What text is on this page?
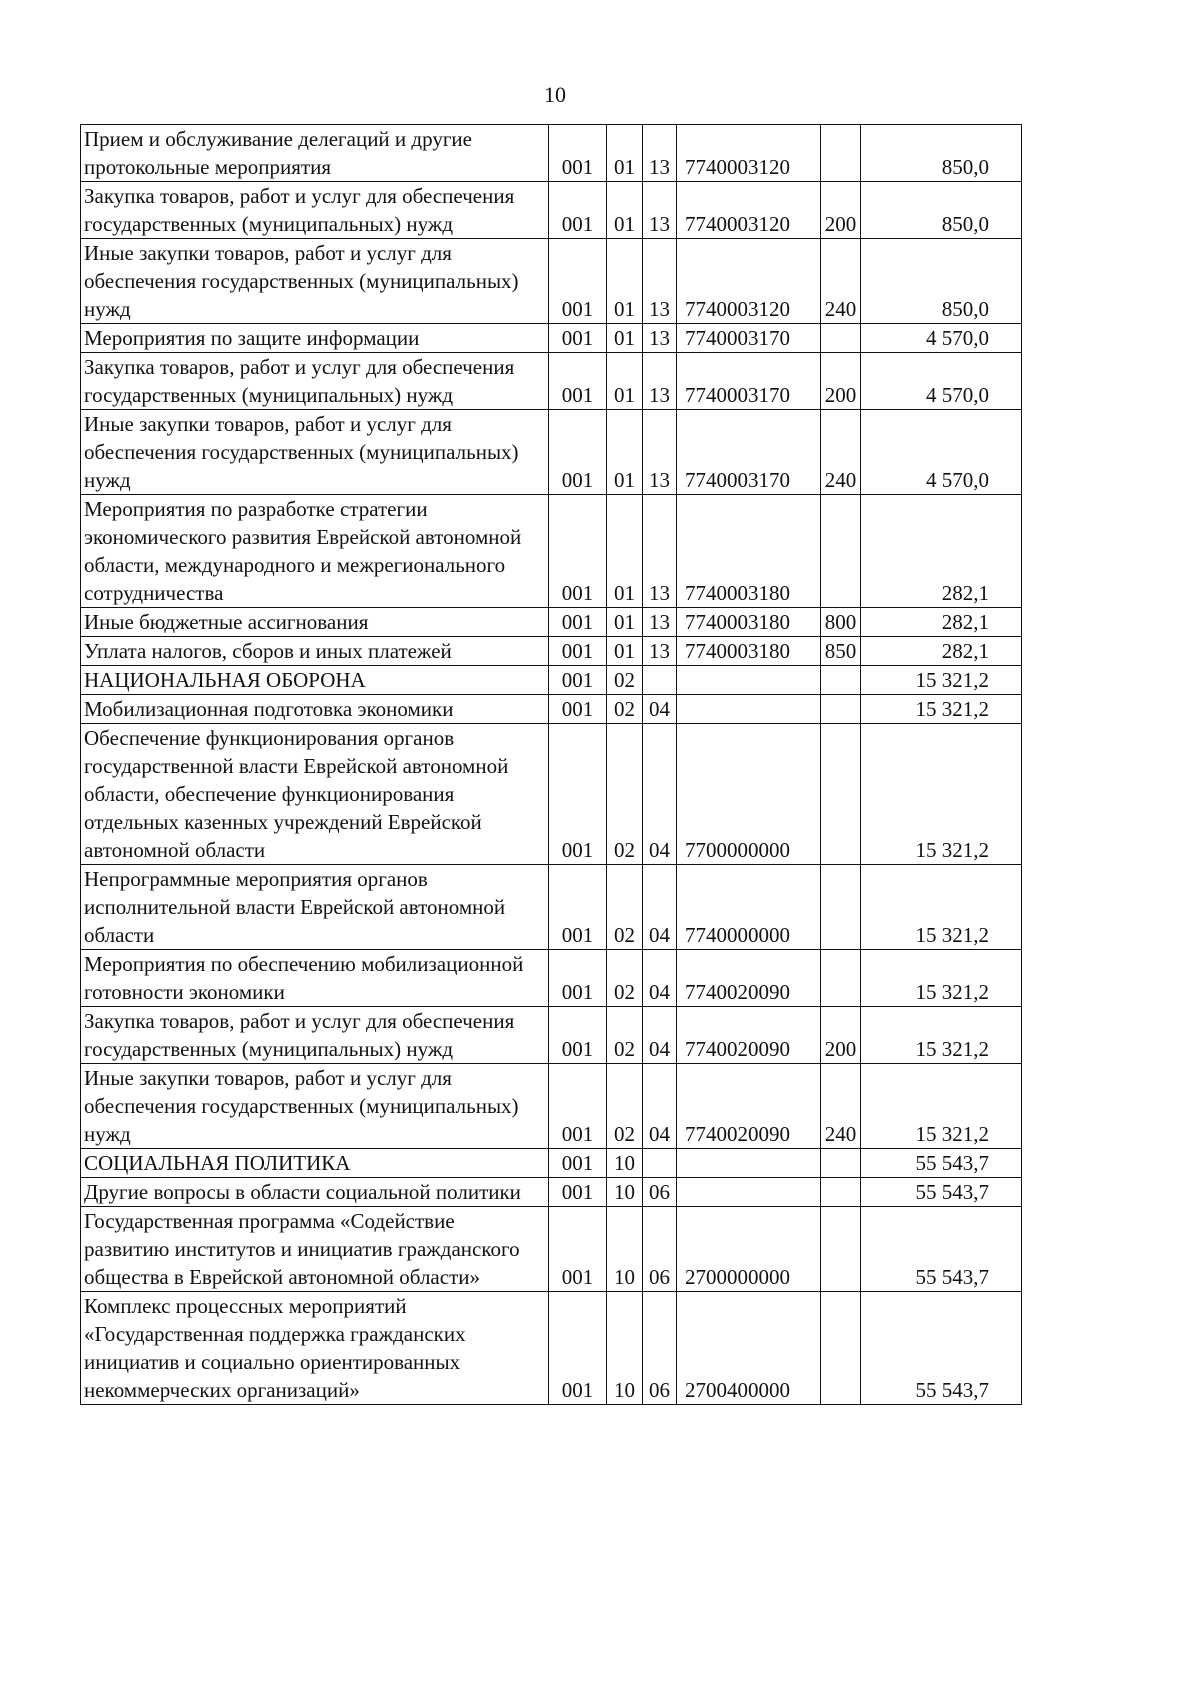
10
Прием и обслуживание делегаций и другие протокольные мероприятия	001	01	13	7740003120		850,0
Закупка товаров, работ и услуг для обеспечения государственных (муниципальных) нужд	001	01	13	7740003120	200	850,0
Иные закупки товаров, работ и услуг для обеспечения государственных (муниципальных) нужд	001	01	13	7740003120	240	850,0
Мероприятия по защите информации	001	01	13	7740003170		4 570,0
Закупка товаров, работ и услуг для обеспечения государственных (муниципальных) нужд	001	01	13	7740003170	200	4 570,0
Иные закупки товаров, работ и услуг для обеспечения государственных (муниципальных) нужд	001	01	13	7740003170	240	4 570,0
Мероприятия по разработке стратегии экономического развития Еврейской автономной области, международного и межрегионального сотрудничества	001	01	13	7740003180		282,1
Иные бюджетные ассигнования	001	01	13	7740003180	800	282,1
Уплата налогов, сборов и иных платежей	001	01	13	7740003180	850	282,1
НАЦИОНАЛЬНАЯ ОБОРОНА	001	02				15 321,2
Мобилизационная подготовка экономики	001	02	04			15 321,2
Обеспечение функционирования органов государственной власти Еврейской автономной области, обеспечение функционирования отдельных казенных учреждений Еврейской автономной области	001	02	04	7700000000		15 321,2
Непрограммные мероприятия органов исполнительной власти Еврейской автономной области	001	02	04	7740000000		15 321,2
Мероприятия по обеспечению мобилизационной готовности экономики	001	02	04	7740020090		15 321,2
Закупка товаров, работ и услуг для обеспечения государственных (муниципальных) нужд	001	02	04	7740020090	200	15 321,2
Иные закупки товаров, работ и услуг для обеспечения государственных (муниципальных) нужд	001	02	04	7740020090	240	15 321,2
СОЦИАЛЬНАЯ ПОЛИТИКА	001	10				55 543,7
Другие вопросы в области социальной политики	001	10	06			55 543,7
Государственная программа «Содействие развитию институтов и инициатив гражданского общества в Еврейской автономной области»	001	10	06	2700000000		55 543,7
Комплекс процессных мероприятий «Государственная поддержка гражданских инициатив и социально ориентированных некоммерческих организаций»	001	10	06	2700400000		55 543,7
